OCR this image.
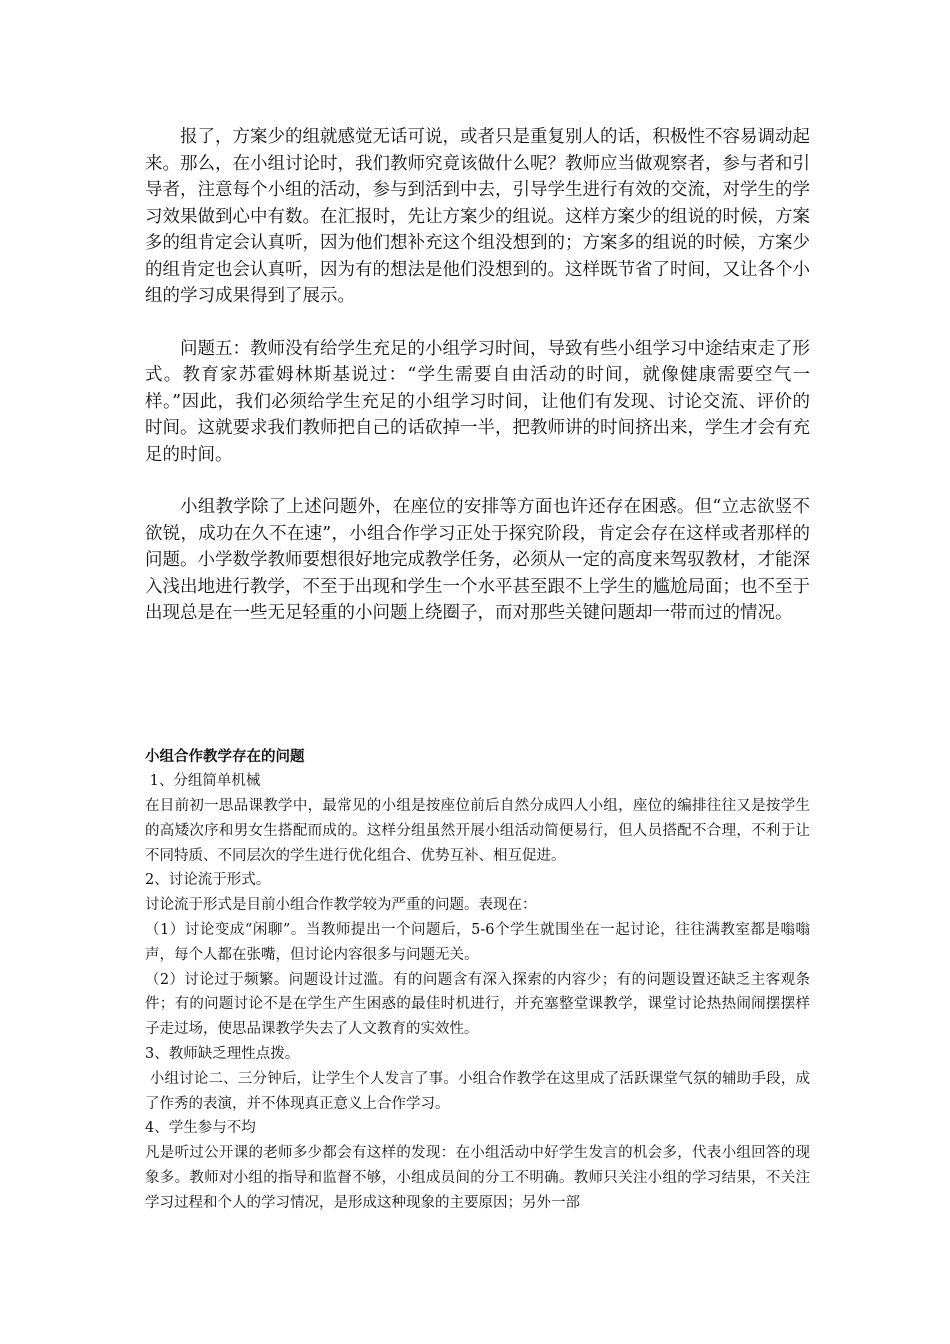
报了，方案少的组就感觉无话可说，或者只是重复别人的话，积极性不容易调动起来。那么，在小组讨论时，我们教师究竟该做什么呢？教师应当做观察者，参与者和引导者，注意每个小组的活动，参与到活到中去，引导学生进行有效的交流，对学生的学习效果做到心中有数。在汇报时，先让方案少的组说。这样方案少的组说的时候，方案多的组肯定会认真听，因为他们想补充这个组没想到的；方案多的组说的时候，方案少的组肯定也会认真听，因为有的想法是他们没想到的。这样既节省了时间，又让各个小组的学习成果得到了展示。

问题五：教师没有给学生充足的小组学习时间，导致有些小组学习中途结束走了形式。教育家苏霍姆林斯基说过：“学生需要自由活动的时间，就像健康需要空气一样。”因此，我们必须给学生充足的小组学习时间，让他们有发现、讨论交流、评价的时间。这就要求我们教师把自己的话砍掉一半，把教师讲的时间挤出来，学生才会有充足的时间。

小组教学除了上述问题外，在座位的安排等方面也许还存在困惑。但“立志欲竖不欲锐，成功在久不在速”，小组合作学习正处于探究阶段，肯定会存在这样或者那样的问题。小学数学教师要想很好地完成教学任务，必须从一定的高度来驾驭教材，才能深入浅出地进行教学，不至于出现和学生一个水平甚至跟不上学生的尴尬局面；也不至于出现总是在一些无足轻重的小问题上绕圈子，而对那些关键问题却一带而过的情况。

小组合作教学存在的问题

1、分组简单机械

在目前初一思品课教学中，最常见的小组是按座位前后自然分成四人小组，座位的编排往往又是按学生的高矮次序和男女生搭配而成的。这样分组虽然开展小组活动简便易行，但人员搭配不合理，不利于让不同特质、不同层次的学生进行优化组合、优势互补、相互促进。

2、讨论流于形式。

讨论流于形式是目前小组合作教学较为严重的问题。表现在：

（1）讨论变成“闲聊”。当教师提出一个问题后，5-6个学生就围坐在一起讨论，往往满教室都是嗡嗡声，每个人都在张嘴，但讨论内容很多与问题无关。

（2）讨论过于频繁。问题设计过滥。有的问题含有深入探索的内容少；有的问题设置还缺乏主客观条件；有的问题讨论不是在学生产生困惑的最佳时机进行，并充塞整堂课教学，课堂讨论热热闹闹摆摆样子走过场，使思品课教学失去了人文教育的实效性。

3、教师缺乏理性点拨。

小组讨论二、三分钟后，让学生个人发言了事。小组合作教学在这里成了活跃课堂气氛的辅助手段，成了作秀的表演，并不体现真正意义上合作学习。

4、学生参与不均

凡是听过公开课的老师多少都会有这样的发现：在小组活动中好学生发言的机会多，代表小组回答的现象多。教师对小组的指导和监督不够，小组成员间的分工不明确。教师只关注小组的学习结果，不关注学习过程和个人的学习情况，是形成这种现象的主要原因；另外一部
